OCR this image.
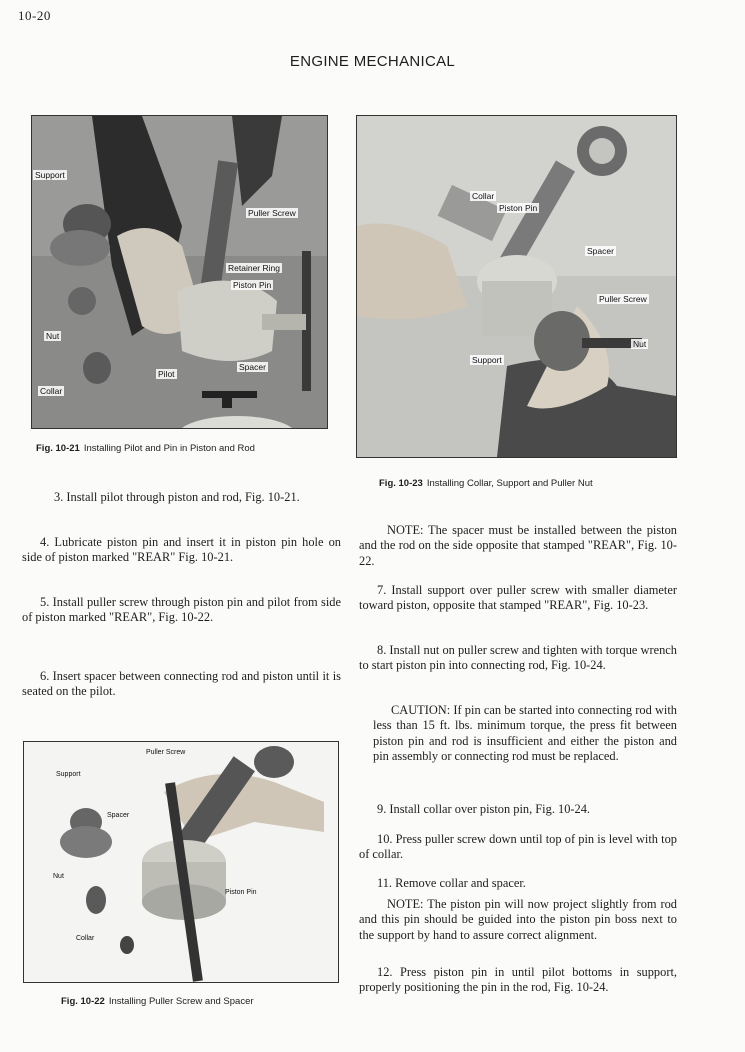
10-20
ENGINE MECHANICAL
Support
Puller Screw
Retainer Ring
Piston Pin
Nut
Pilot
Spacer
Collar
Fig. 10-21 Installing Pilot and Pin in Piston and Rod
Collar
Piston Pin
Spacer
Puller Screw
Nut
Support
Fig. 10-23 Installing Collar, Support and Puller Nut
3. Install pilot through piston and rod, Fig. 10-21.
4. Lubricate piston pin and insert it in piston pin hole on side of piston marked "REAR" Fig. 10-21.
5. Install puller screw through piston pin and pilot from side of piston marked "REAR", Fig. 10-22.
6. Insert spacer between connecting rod and piston until it is seated on the pilot.
Puller Screw
Support
Spacer
Nut
Piston Pin
Collar
Fig. 10-22 Installing Puller Screw and Spacer
NOTE: The spacer must be installed between the piston and the rod on the side opposite that stamped "REAR", Fig. 10-22.
7. Install support over puller screw with smaller diameter toward piston, opposite that stamped "REAR", Fig. 10-23.
8. Install nut on puller screw and tighten with torque wrench to start piston pin into connecting rod, Fig. 10-24.
CAUTION: If pin can be started into connecting rod with less than 15 ft. lbs. minimum torque, the press fit between piston pin and rod is insufficient and either the piston and pin assembly or connecting rod must be replaced.
9. Install collar over piston pin, Fig. 10-24.
10. Press puller screw down until top of pin is level with top of collar.
11. Remove collar and spacer.
NOTE: The piston pin will now project slightly from rod and this pin should be guided into the piston pin boss next to the support by hand to assure correct alignment.
12. Press piston pin in until pilot bottoms in support, properly positioning the pin in the rod, Fig. 10-24.
